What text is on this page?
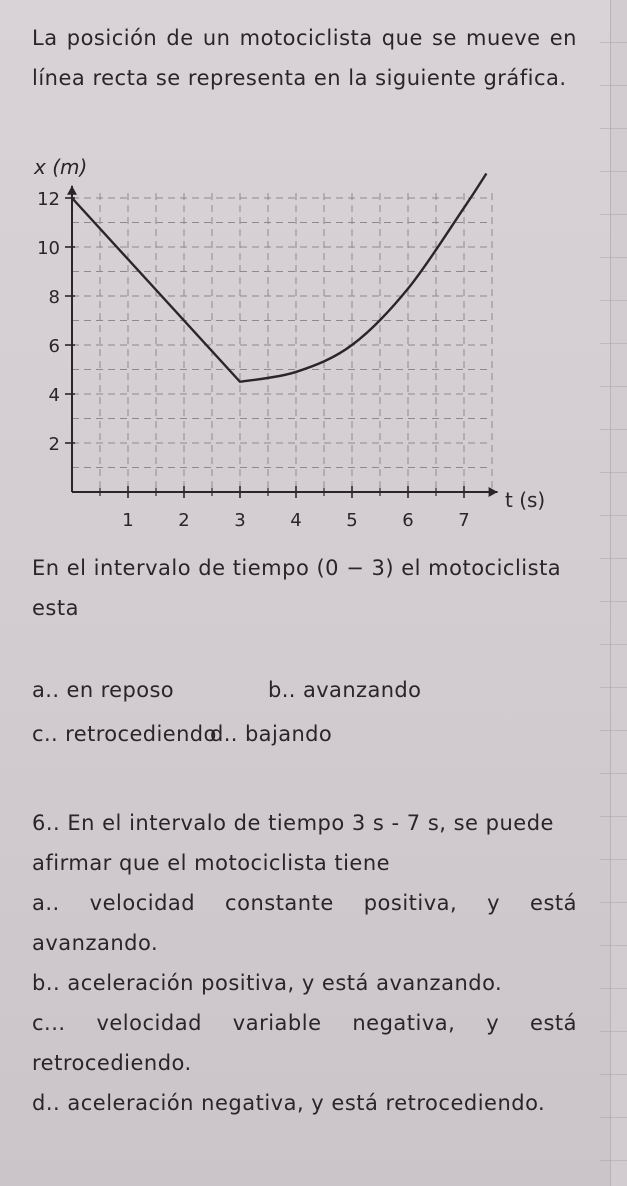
La posición de un motociclista que se mueve en línea recta se representa en la siguiente gráfica.
1 2 3 4 5 6 7
2
4
6
8
10
12
x (m)
t (s)
En el intervalo de tiempo (0 − 3) el motociclista esta
a.. en reposo	b.. avanzando
c.. retrocediendo
d.. bajando
6.. En el intervalo de tiempo 3 s - 7 s, se puede afirmar que el motociclista tiene
a.. velocidad constante positiva, y está avanzando.
b.. aceleración positiva, y está avanzando.
c... velocidad variable negativa, y está retrocediendo.
d.. aceleración negativa, y está retrocediendo.
